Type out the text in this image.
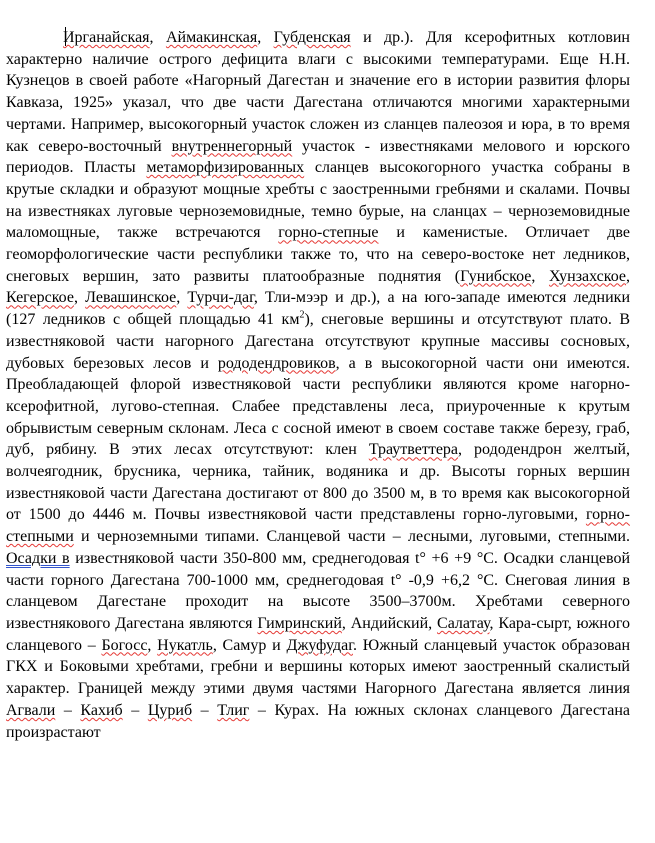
Ирганайская, Аймакинская, Губденская и др.). Для ксерофитных котловин характерно наличие острого дефицита влаги с высокими температурами. Еще Н.Н. Кузнецов в своей работе «Нагорный Дагестан и значение его в истории развития флоры Кавказа, 1925» указал, что две части Дагестана отличаются многими характерными чертами. Например, высокогорный участок сложен из сланцев палеозоя и юра, в то время как северо-восточный внутреннегорный участок - известняками мелового и юрского периодов. Пласты метаморфизированных сланцев высокогорного участка собраны в крутые складки и образуют мощные хребты с заостренными гребнями и скалами. Почвы на известняках луговые черноземовидные, темно бурые, на сланцах – черноземовидные маломощные, также встречаются горно-степные и каменистые. Отличает две геоморфологические части республики также то, что на северо-востоке нет ледников, снеговых вершин, зато развиты платообразные поднятия (Гунибское, Хунзахское, Кегерское, Левашинское, Турчи-даг, Тли-мээр и др.), а на юго-западе имеются ледники (127 ледников с общей площадью 41 $км^2$), снеговые вершины и отсутствуют плато. В известняковой части нагорного Дагестана отсутствуют крупные массивы сосновых, дубовых березовых лесов и рододендровиков, а в высокогорной части они имеются. Преобладающей флорой известняковой части республики являются кроме нагорно-ксерофитной, лугово-степная. Слабее представлены леса, приуроченные к крутым обрывистым северным склонам. Леса с сосной имеют в своем составе также березу, граб, дуб, рябину. В этих лесах отсутствуют: клен Траутветтера, рододендрон желтый, волчеягодник, брусника, черника, тайник, водяника и др. Высоты горных вершин известняковой части Дагестана достигают от 800 до 3500 м, в то время как высокогорной от 1500 до 4446 м. Почвы известняковой части представлены горно-луговыми, горно-степными и черноземными типами. Сланцевой части – лесными, луговыми, степными. Осадки в известняковой части 350-800 мм, среднегодовая t° +6 +9 °С. Осадки сланцевой части горного Дагестана 700-1000 мм, среднегодовая t° -0,9 +6,2 °С. Снеговая линия в сланцевом Дагестане проходит на высоте 3500–3700м. Хребтами северного известнякового Дагестана являются Гимринский, Андийский, Салатау, Кара-сырт, южного сланцевого – Богосс, Нукатль, Самур и Джуфудаг. Южный сланцевый участок образован ГКХ и Боковыми хребтами, гребни и вершины которых имеют заостренный скалистый характер. Границей между этими двумя частями Нагорного Дагестана является линия Агвали – Кахиб – Цуриб – Тлиг – Курах. На южных склонах сланцевого Дагестана произрастают
